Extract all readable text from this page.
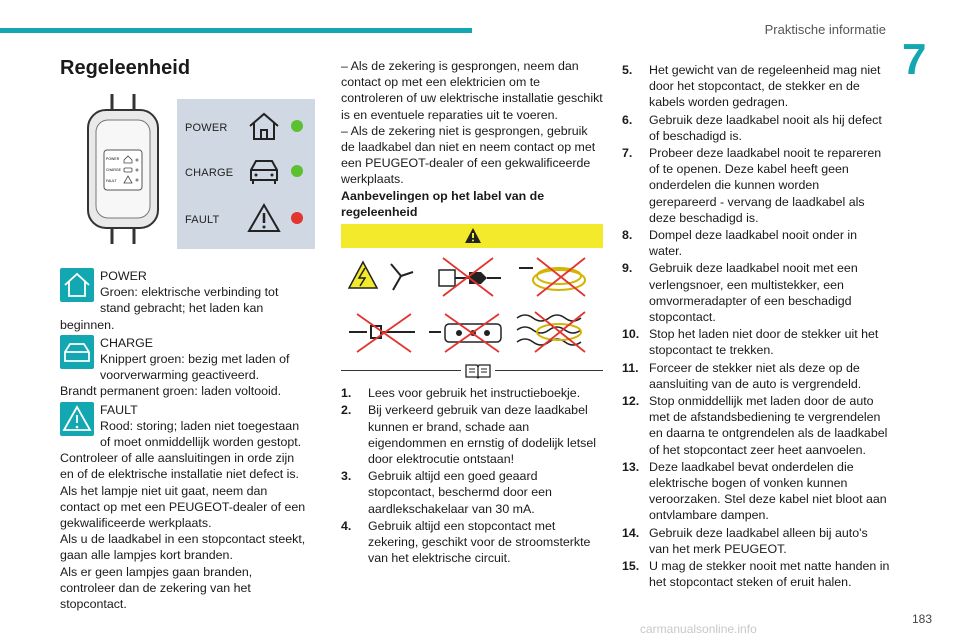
Praktische informatie
7
183
carmanualsonline.info
Regeleenheid
POWER
CHARGE
FAULT
POWER
CHARGE
FAULT
POWER
Groen: elektrische verbinding tot stand gebracht; het laden kan beginnen.
CHARGE
Knippert groen: bezig met laden of voorverwarming geactiveerd.
Brandt permanent groen: laden voltooid.
FAULT
Rood: storing; laden niet toegestaan of moet onmiddellijk worden gestopt. Controleer of alle aansluitingen in orde zijn en of de elektrische installatie niet defect is.
Als het lampje niet uit gaat, neem dan contact op met een PEUGEOT-dealer of een gekwalificeerde werkplaats.
Als u de laadkabel in een stopcontact steekt, gaan alle lampjes kort branden.
Als er geen lampjes gaan branden, controleer dan de zekering van het stopcontact.
– Als de zekering is gesprongen, neem dan contact op met een elektricien om te controleren of uw elektrische installatie geschikt is en eventuele reparaties uit te voeren.
– Als de zekering niet is gesprongen, gebruik de laadkabel dan niet en neem contact op met een PEUGEOT-dealer of een gekwalificeerde werkplaats.
Aanbevelingen op het label van de regeleenheid
1. Lees voor gebruik het instructieboekje.
2. Bij verkeerd gebruik van deze laadkabel kunnen er brand, schade aan eigendommen en ernstig of dodelijk letsel door elektrocutie ontstaan!
3. Gebruik altijd een goed geaard stopcontact, beschermd door een aardlekschakelaar van 30 mA.
4. Gebruik altijd een stopcontact met zekering, geschikt voor de stroomsterkte van het elektrische circuit.
5. Het gewicht van de regeleenheid mag niet door het stopcontact, de stekker en de kabels worden gedragen.
6. Gebruik deze laadkabel nooit als hij defect of beschadigd is.
7. Probeer deze laadkabel nooit te repareren of te openen. Deze kabel heeft geen onderdelen die kunnen worden gerepareerd - vervang de laadkabel als deze beschadigd is.
8. Dompel deze laadkabel nooit onder in water.
9. Gebruik deze laadkabel nooit met een verlengsnoer, een multistekker, een omvormeradapter of een beschadigd stopcontact.
10. Stop het laden niet door de stekker uit het stopcontact te trekken.
11. Forceer de stekker niet als deze op de aansluiting van de auto is vergrendeld.
12. Stop onmiddellijk met laden door de auto met de afstandsbediening te vergrendelen en daarna te ontgrendelen als de laadkabel of het stopcontact zeer heet aanvoelen.
13. Deze laadkabel bevat onderdelen die elektrische bogen of vonken kunnen veroorzaken. Stel deze kabel niet bloot aan ontvlambare dampen.
14. Gebruik deze laadkabel alleen bij auto's van het merk PEUGEOT.
15. U mag de stekker nooit met natte handen in het stopcontact steken of eruit halen.
